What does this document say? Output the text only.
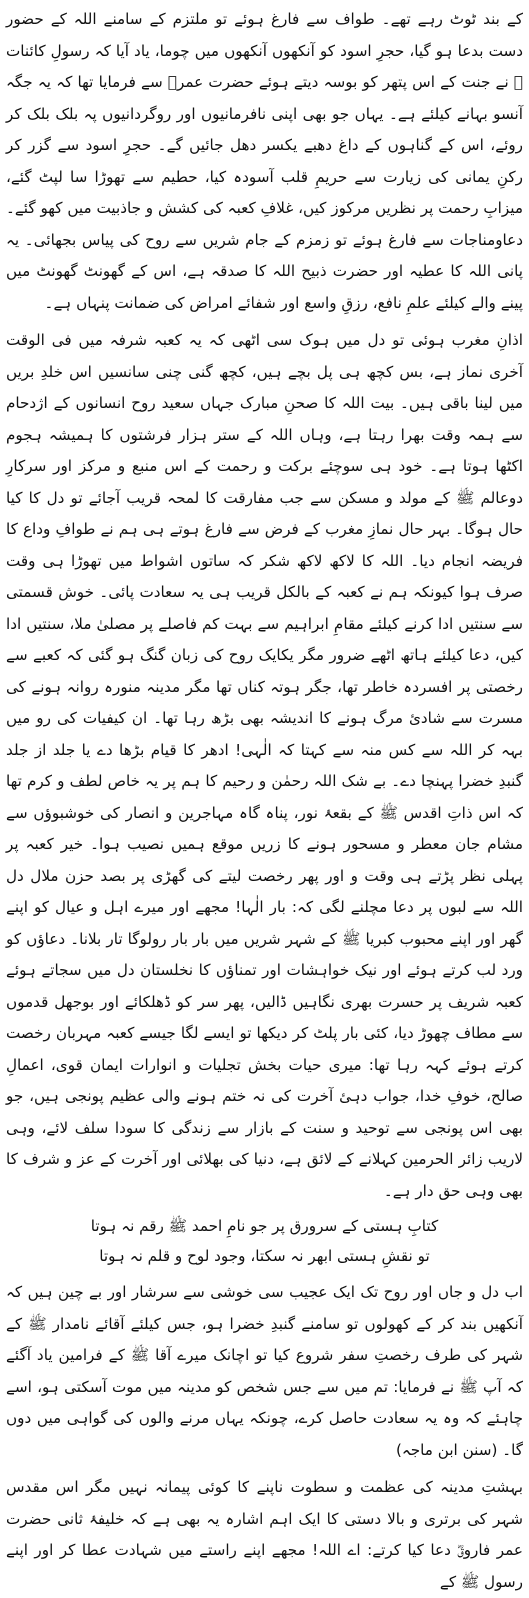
کے بند ٹوٹ رہے تھے۔ طواف سے فارغ ہوئے تو ملتزم کے سامنے اللہ کے حضور دست بدعا ہو گیا، حجرِ اسود کو آنکھوں آنکھوں میں چوما، یاد آیا کہ رسولِ کائنات ﷺ نے جنت کے اس پتھر کو بوسہ دیتے ہوئے حضرت عمرؓ سے فرمایا تھا کہ یہ جگہ آنسو بہانے کیلئے ہے۔ یہاں جو بھی اپنی نافرمانیوں اور روگردانیوں پہ بلک بلک کر روئے، اس کے گناہوں کے داغ دھبے یکسر دھل جائیں گے۔ حجرِ اسود سے گزر کر رکنِ یمانی کی زیارت سے حریمِ قلب آسودہ کیا، حطیم سے تھوڑا سا لپٹ گئے، میزابِ رحمت پر نظریں مرکوز کیں، غلافِ کعبہ کی کشش و جاذبیت میں کھو گئے۔ دعاومناجات سے فارغ ہوئے تو زمزم کے جام شریں سے روح کی پیاس بجھائی۔ یہ پانی اللہ کا عطیہ اور حضرت ذبیح اللہ کا صدقہ ہے، اس کے گھونٹ گھونٹ میں پینے والے کیلئے علمِ نافع، رزقِ واسع اور شفائے امراض کی ضمانت پنہاں ہے۔

اذانِ مغرب ہوئی تو دل میں ہوک سی اٹھی کہ یہ کعبہ شرفہ میں فی الوقت آخری نماز ہے، بس کچھ ہی پل بچے ہیں، کچھ گنی چنی سانسیں اس خلدِ بریں میں لینا باقی ہیں۔ بیت اللہ کا صحنِ مبارک جہاں سعید روح انسانوں کے اژدحام سے ہمہ وقت بھرا رہتا ہے، وہاں اللہ کے ستر ہزار فرشتوں کا ہمیشہ ہجوم اکٹھا ہوتا ہے۔ خود ہی سوچئے برکت و رحمت کے اس منبع و مرکز اور سرکارِ دوعالم ﷺ کے مولد و مسکن سے جب مفارقت کا لمحہ قریب آجائے تو دل کا کیا حال ہوگا۔ بہر حال نمازِ مغرب کے فرض سے فارغ ہوتے ہی ہم نے طوافِ وداع کا فریضہ انجام دیا۔ اللہ کا لاکھ لاکھ شکر کہ ساتوں اشواط میں تھوڑا ہی وقت صرف ہوا کیونکہ ہم نے کعبہ کے بالکل قریب ہی یہ سعادت پائی۔ خوش قسمتی سے سنتیں ادا کرنے کیلئے مقامِ ابراہیم سے بہت کم فاصلے پر مصلیٰ ملا، سنتیں ادا کیں، دعا کیلئے ہاتھ اٹھے ضرور مگر یکایک روح کی زبان گنگ ہو گئی کہ کعبے سے رخصتی پر افسردہ خاطر تھا، جگر ہوتہ کناں تھا مگر مدینہ منورہ روانہ ہونے کی مسرت سے شادیٔ مرگ ہونے کا اندیشہ بھی بڑھ رہا تھا۔ ان کیفیات کی رو میں بہہ کر اللہ سے کس منہ سے کہتا کہ الٰہی! ادھر کا قیام بڑھا دے یا جلد از جلد گنبدِ خضرا پہنچا دے۔ بے شک اللہ رحمٰن و رحیم کا ہم پر یہ خاص لطف و کرم تھا کہ اس ذاتِ اقدس ﷺ کے بقعۂ نور، پناہ گاہ مہاجرین و انصار کی خوشبوؤں سے مشام جان معطر و مسحور ہونے کا زریں موقع ہمیں نصیب ہوا۔ خیر کعبہ پر پہلی نظر پڑتے ہی وقت و اور پھر رخصت لیتے کی گھڑی پر بصد حزن ملال دل اللہ سے لبوں پر دعا مچلنے لگی کہ: بار الٰہا! مجھے اور میرے اہل و عیال کو اپنے گھر اور اپنے محبوب کبریا ﷺ کے شہر شریں میں بار بار رولوگا تار بلانا۔ دعاؤں کو ورد لب کرتے ہوئے اور نیک خواہشات اور تمناؤں کا نخلستان دل میں سجاتے ہوئے کعبہ شریف پر حسرت بھری نگاہیں ڈالیں، پھر سر کو ڈھلکائے اور بوجھل قدموں سے مطاف چھوڑ دیا، کئی بار پلٹ کر دیکھا تو ایسے لگا جیسے کعبہ مہربان رخصت کرتے ہوئے کہہ رہا تھا: میری حیات بخش تجلیات و انوارات ایمان قوی، اعمالِ صالح، خوفِ خدا، جواب دہیٔ آخرت کی نہ ختم ہونے والی عظیم پونجی ہیں، جو بھی اس پونجی سے توحید و سنت کے بازار سے زندگی کا سودا سلف لائے، وہی لاریب زائر الحرمین کہلانے کے لائق ہے، دنیا کی بھلائی اور آخرت کے عز و شرف کا بھی وہی حق دار ہے۔

کتابِ ہستی کے سرورق پر جو نامِ احمد ﷺ رقم نہ ہوتا
تو نقشِ ہستی ابھر نہ سکتا، وجود لوح و قلم نہ ہوتا

اب دل و جاں اور روح تک ایک عجیب سی خوشی سے سرشار اور بے چین ہیں کہ آنکھیں بند کر کے کھولوں تو سامنے گنبدِ خضرا ہو، جس کیلئے آقائے نامدار ﷺ کے شہر کی طرف رخصتِ سفر شروع کیا تو اچانک میرے آقا ﷺ کے فرامین یاد آگئے کہ آپ ﷺ نے فرمایا: تم میں سے جس شخص کو مدینہ میں موت آسکتی ہو، اسے چاہئے کہ وہ یہ سعادت حاصل کرے، چونکہ یہاں مرنے والوں کی گواہی میں دوں گا۔ (سنن ابن ماجہ)

بہشتِ مدینہ کی عظمت و سطوت ناپنے کا کوئی پیمانہ نہیں مگر اس مقدس شہر کی برتری و بالا دستی کا ایک اہم اشارہ یہ بھی ہے کہ خلیفۂ ثانی حضرت عمر فاروقؓ دعا کیا کرتے: اے اللہ! مجھے اپنے راستے میں شہادت عطا کر اور اپنے رسول ﷺ کے
